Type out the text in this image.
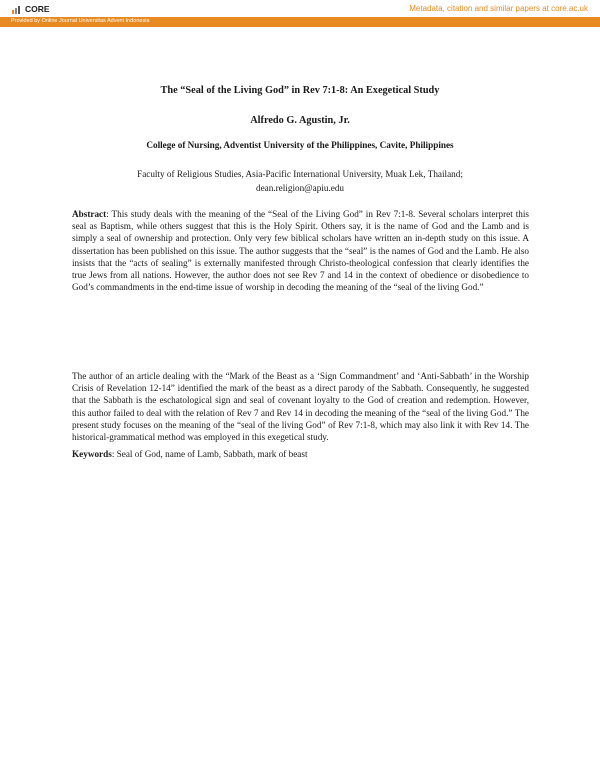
CORE	Metadata, citation and similar papers at core.ac.uk
Provided by Online Journal Universitas Advent Indonesia
The “Seal of the Living God” in Rev 7:1-8: An Exegetical Study
Alfredo G. Agustin, Jr.
College of Nursing, Adventist University of the Philippines, Cavite, Philippines
Faculty of Religious Studies, Asia-Pacific International University, Muak Lek, Thailand;
dean.religion@apiu.edu
Abstract: This study deals with the meaning of the “Seal of the Living God” in Rev 7:1-8. Several scholars interpret this seal as Baptism, while others suggest that this is the Holy Spirit. Others say, it is the name of God and the Lamb and is simply a seal of ownership and protection. Only very few biblical scholars have written an in-depth study on this issue. A dissertation has been published on this issue. The author suggests that the “seal” is the names of God and the Lamb. He also insists that the “acts of sealing” is externally manifested through Christo-theological confession that clearly identifies the true Jews from all nations. However, the author does not see Rev 7 and 14 in the context of obedience or disobedience to God’s commandments in the end-time issue of worship in decoding the meaning of the “seal of the living God.”
The author of an article dealing with the “Mark of the Beast as a ‘Sign Commandment’ and ‘Anti-Sabbath’ in the Worship Crisis of Revelation 12-14” identified the mark of the beast as a direct parody of the Sabbath. Consequently, he suggested that the Sabbath is the eschatological sign and seal of covenant loyalty to the God of creation and redemption. However, this author failed to deal with the relation of Rev 7 and Rev 14 in decoding the meaning of the “seal of the living God.” The present study focuses on the meaning of the “seal of the living God” of Rev 7:1-8, which may also link it with Rev 14. The historical-grammatical method was employed in this exegetical study.
Keywords: Seal of God, name of Lamb, Sabbath, mark of beast
